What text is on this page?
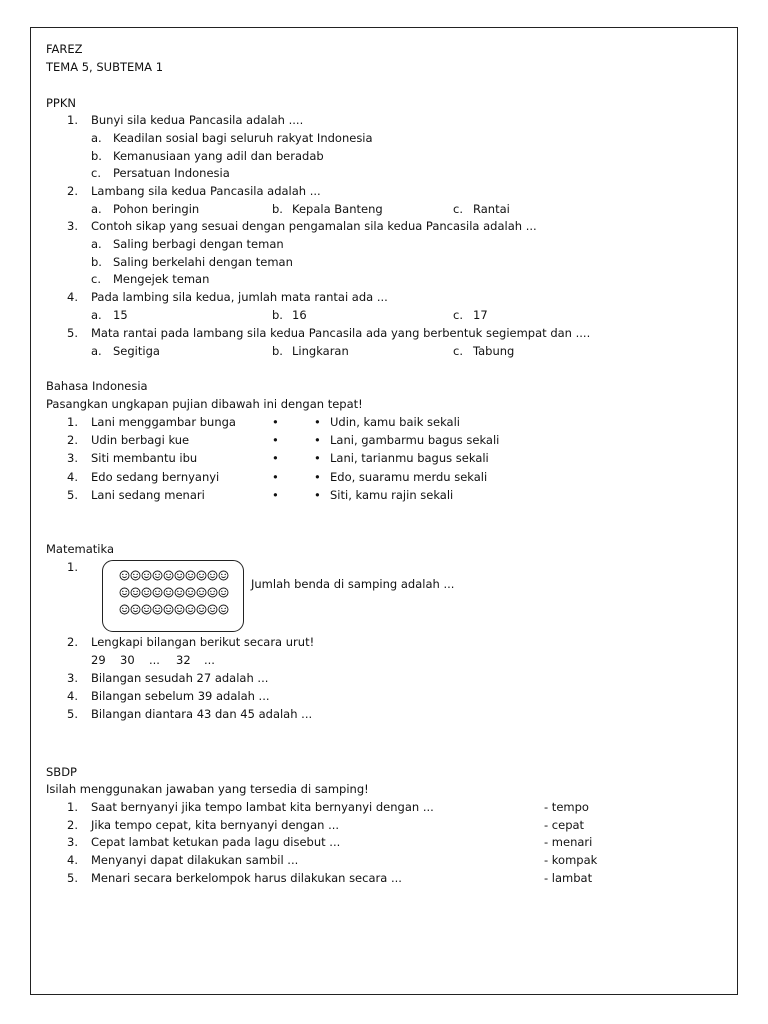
FAREZ
TEMA 5, SUBTEMA 1
PPKN
1. Bunyi sila kedua Pancasila adalah ....
a. Keadilan sosial bagi seluruh rakyat Indonesia
b. Kemanusiaan yang adil dan beradab
c. Persatuan Indonesia
2. Lambang sila kedua Pancasila adalah ...
a. Pohon beringin	b. Kepala Banteng	c. Rantai
3. Contoh sikap yang sesuai dengan pengamalan sila kedua Pancasila adalah ...
a. Saling berbagi dengan teman
b. Saling berkelahi dengan teman
c. Mengejek teman
4. Pada lambing sila kedua, jumlah mata rantai ada ...
a. 15	b. 16	c. 17
5. Mata rantai pada lambang sila kedua Pancasila ada yang berbentuk segiempat dan ....
a. Segitiga	b. Lingkaran	c. Tabung
Bahasa Indonesia
Pasangkan ungkapan pujian dibawah ini dengan tepat!
1. Lani menggambar bunga	•	• Udin, kamu baik sekali
2. Udin berbagi kue	•	• Lani, gambarmu bagus sekali
3. Siti membantu ibu	•	• Lani, tarianmu bagus sekali
4. Edo sedang bernyanyi	•	• Edo, suaramu merdu sekali
5. Lani sedang menari	•	• Siti, kamu rajin sekali
Matematika
1.
Jumlah benda di samping adalah ...
2. Lengkapi bilangan berikut secara urut!
29 30 ... 32 ...
3. Bilangan sesudah 27 adalah ...
4. Bilangan sebelum 39 adalah ...
5. Bilangan diantara 43 dan 45 adalah ...
SBDP
Isilah menggunakan jawaban yang tersedia di samping!
1. Saat bernyanyi jika tempo lambat kita bernyanyi dengan ...	- tempo
2. Jika tempo cepat, kita bernyanyi dengan ...	- cepat
3. Cepat lambat ketukan pada lagu disebut ...	- menari
4. Menyanyi dapat dilakukan sambil ...	- kompak
5. Menari secara berkelompok harus dilakukan secara ...	- lambat
